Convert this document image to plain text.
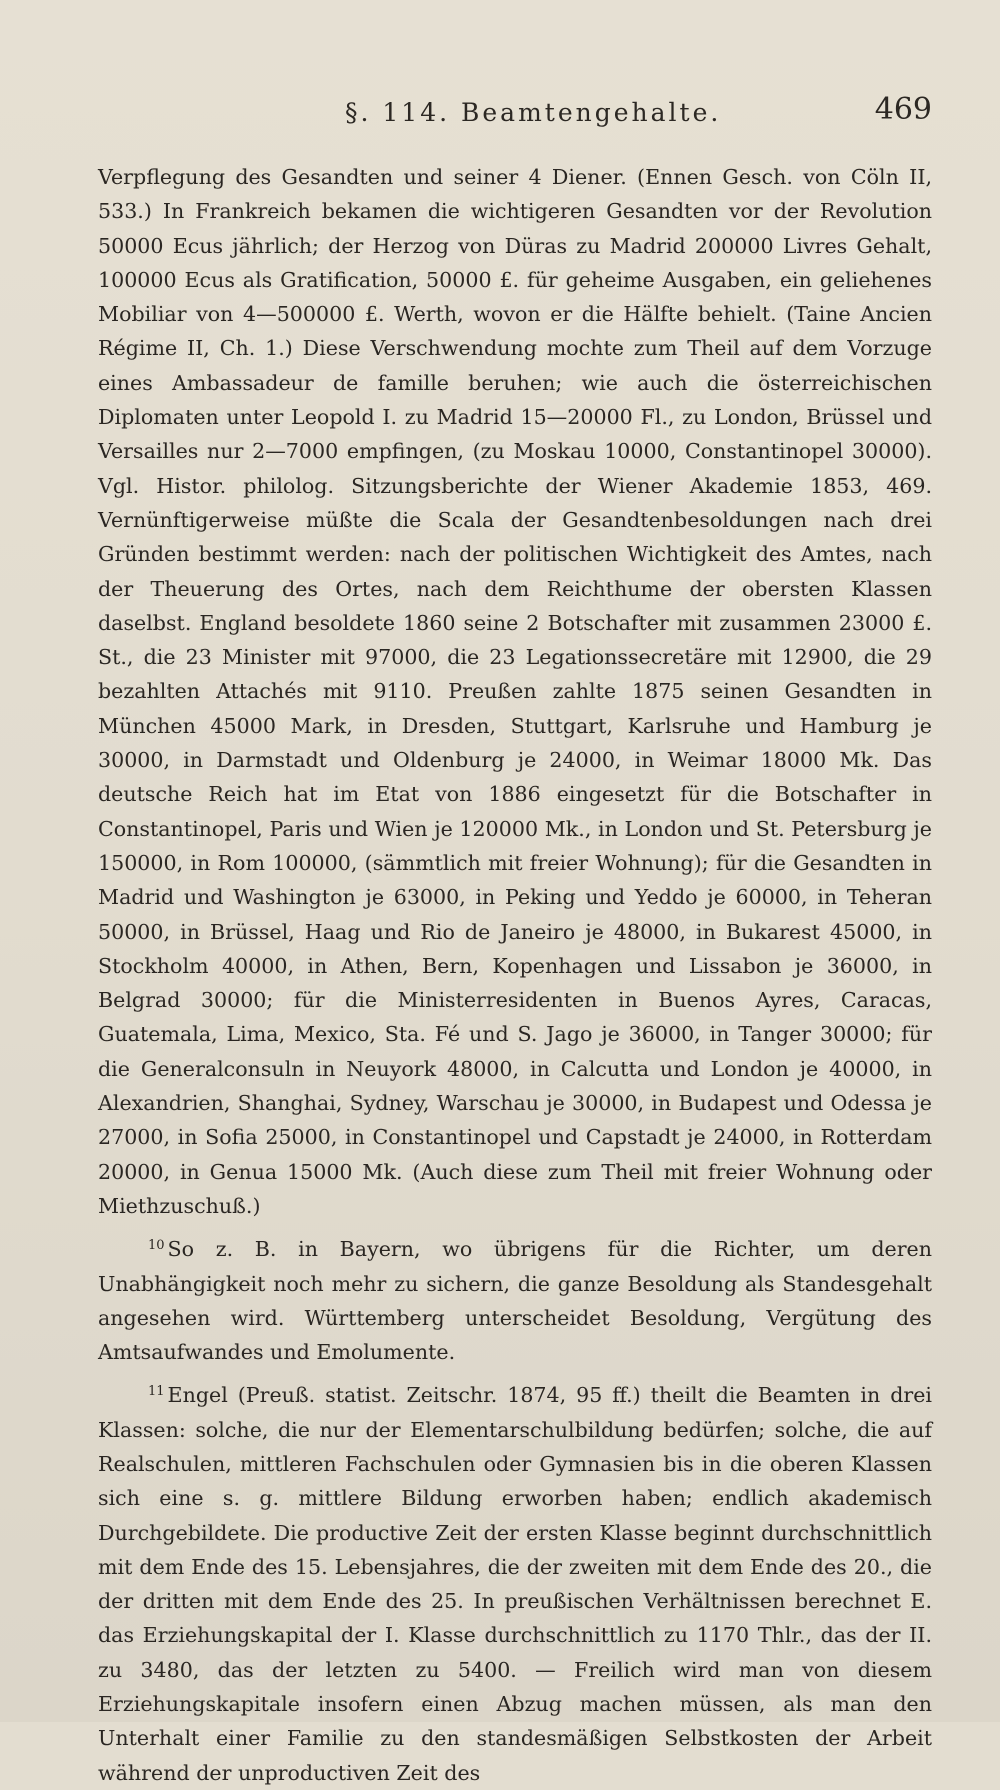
§. 114. Beamtengehalte.	469

Verpflegung des Gesandten und seiner 4 Diener. (Ennen Gesch. von Cöln II, 533.) In Frankreich bekamen die wichtigeren Gesandten vor der Revolution 50000 Ecus jährlich; der Herzog von Düras zu Madrid 200000 Livres Gehalt, 100000 Ecus als Gratification, 50000 £. für geheime Ausgaben, ein geliehenes Mobiliar von 4—500000 £. Werth, wovon er die Hälfte behielt. (Taine Ancien Régime II, Ch. 1.) Diese Verschwendung mochte zum Theil auf dem Vorzuge eines Ambassadeur de famille beruhen; wie auch die österreichischen Diplomaten unter Leopold I. zu Madrid 15—20000 Fl., zu London, Brüssel und Versailles nur 2—7000 empfingen, (zu Moskau 10000, Constantinopel 30000). Vgl. Histor. philolog. Sitzungsberichte der Wiener Akademie 1853, 469. Vernünftigerweise müßte die Scala der Gesandtenbesoldungen nach drei Gründen bestimmt werden: nach der politischen Wichtigkeit des Amtes, nach der Theuerung des Ortes, nach dem Reichthume der obersten Klassen daselbst. England besoldete 1860 seine 2 Botschafter mit zusammen 23000 £. St., die 23 Minister mit 97000, die 23 Legationssecretäre mit 12900, die 29 bezahlten Attachés mit 9110. Preußen zahlte 1875 seinen Gesandten in München 45000 Mark, in Dresden, Stuttgart, Karlsruhe und Hamburg je 30000, in Darmstadt und Oldenburg je 24000, in Weimar 18000 Mk. Das deutsche Reich hat im Etat von 1886 eingesetzt für die Botschafter in Constantinopel, Paris und Wien je 120000 Mk., in London und St. Petersburg je 150000, in Rom 100000, (sämmtlich mit freier Wohnung); für die Gesandten in Madrid und Washington je 63000, in Peking und Yeddo je 60000, in Teheran 50000, in Brüssel, Haag und Rio de Janeiro je 48000, in Bukarest 45000, in Stockholm 40000, in Athen, Bern, Kopenhagen und Lissabon je 36000, in Belgrad 30000; für die Ministerresidenten in Buenos Ayres, Caracas, Guatemala, Lima, Mexico, Sta. Fé und S. Jago je 36000, in Tanger 30000; für die Generalconsuln in Neuyork 48000, in Calcutta und London je 40000, in Alexandrien, Shanghai, Sydney, Warschau je 30000, in Budapest und Odessa je 27000, in Sofia 25000, in Constantinopel und Capstadt je 24000, in Rotterdam 20000, in Genua 15000 Mk. (Auch diese zum Theil mit freier Wohnung oder Miethzuschuß.)

$^{10}$ So z. B. in Bayern, wo übrigens für die Richter, um deren Unabhängigkeit noch mehr zu sichern, die ganze Besoldung als Standesgehalt angesehen wird. Württemberg unterscheidet Besoldung, Vergütung des Amtsaufwandes und Emolumente.

$^{11}$ Engel (Preuß. statist. Zeitschr. 1874, 95 ff.) theilt die Beamten in drei Klassen: solche, die nur der Elementarschulbildung bedürfen; solche, die auf Realschulen, mittleren Fachschulen oder Gymnasien bis in die oberen Klassen sich eine s. g. mittlere Bildung erworben haben; endlich akademisch Durchgebildete. Die productive Zeit der ersten Klasse beginnt durchschnittlich mit dem Ende des 15. Lebensjahres, die der zweiten mit dem Ende des 20., die der dritten mit dem Ende des 25. In preußischen Verhältnissen berechnet E. das Erziehungskapital der I. Klasse durchschnittlich zu 1170 Thlr., das der II. zu 3480, das der letzten zu 5400. — Freilich wird man von diesem Erziehungskapitale insofern einen Abzug machen müssen, als man den Unterhalt einer Familie zu den standesmäßigen Selbstkosten der Arbeit während der unproductiven Zeit des
